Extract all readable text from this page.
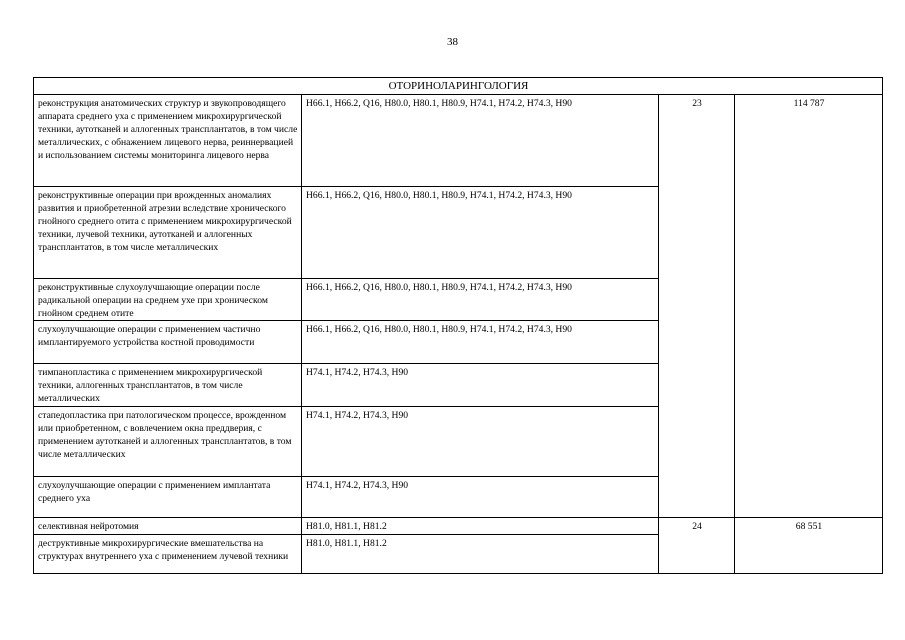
38
ОТОРИНОЛАРИНГОЛОГИЯ			
реконструкция анатомических структур и звукопроводящего аппарата среднего уха с применением микрохирургической техники, аутотканей и аллогенных трансплантатов, в том числе металлических, с обнажением лицевого нерва, реиннервацией и использованием системы мониторинга лицевого нерва	H66.1, H66.2, Q16, H80.0, H80.1, H80.9, H74.1, H74.2, H74.3, H90	23	114 787
реконструктивные операции при врожденных аномалиях развития и приобретенной атрезии вследствие хронического гнойного среднего отита с применением микрохирургической техники, лучевой техники, аутотканей и аллогенных трансплантатов, в том числе металлических	H66.1, H66.2, Q16, H80.0, H80.1, H80.9, H74.1, H74.2, H74.3, H90		
реконструктивные слухоулучшающие операции после радикальной операции на среднем ухе при хроническом гнойном среднем отите	H66.1, H66.2, Q16, H80.0, H80.1, H80.9, H74.1, H74.2, H74.3, H90		
слухоулучшающие операции с применением частично имплантируемого устройства костной проводимости	H66.1, H66.2, Q16, H80.0, H80.1, H80.9, H74.1, H74.2, H74.3, H90		
тимпанопластика с применением микрохирургической техники, аллогенных трансплантатов, в том числе металлических	H74.1, H74.2, H74.3, H90		
стапедопластика при патологическом процессе, врожденном или приобретенном, с вовлечением окна преддверия, с применением аутотканей и аллогенных трансплантатов, в том числе металлических	H74.1, H74.2, H74.3, H90		
слухоулучшающие операции с применением имплантата среднего уха	H74.1, H74.2, H74.3, H90		
селективная нейротомия	H81.0, H81.1, H81.2	24	68 551
деструктивные микрохирургические вмешательства на структурах внутреннего уха с применением лучевой техники	H81.0, H81.1, H81.2		
